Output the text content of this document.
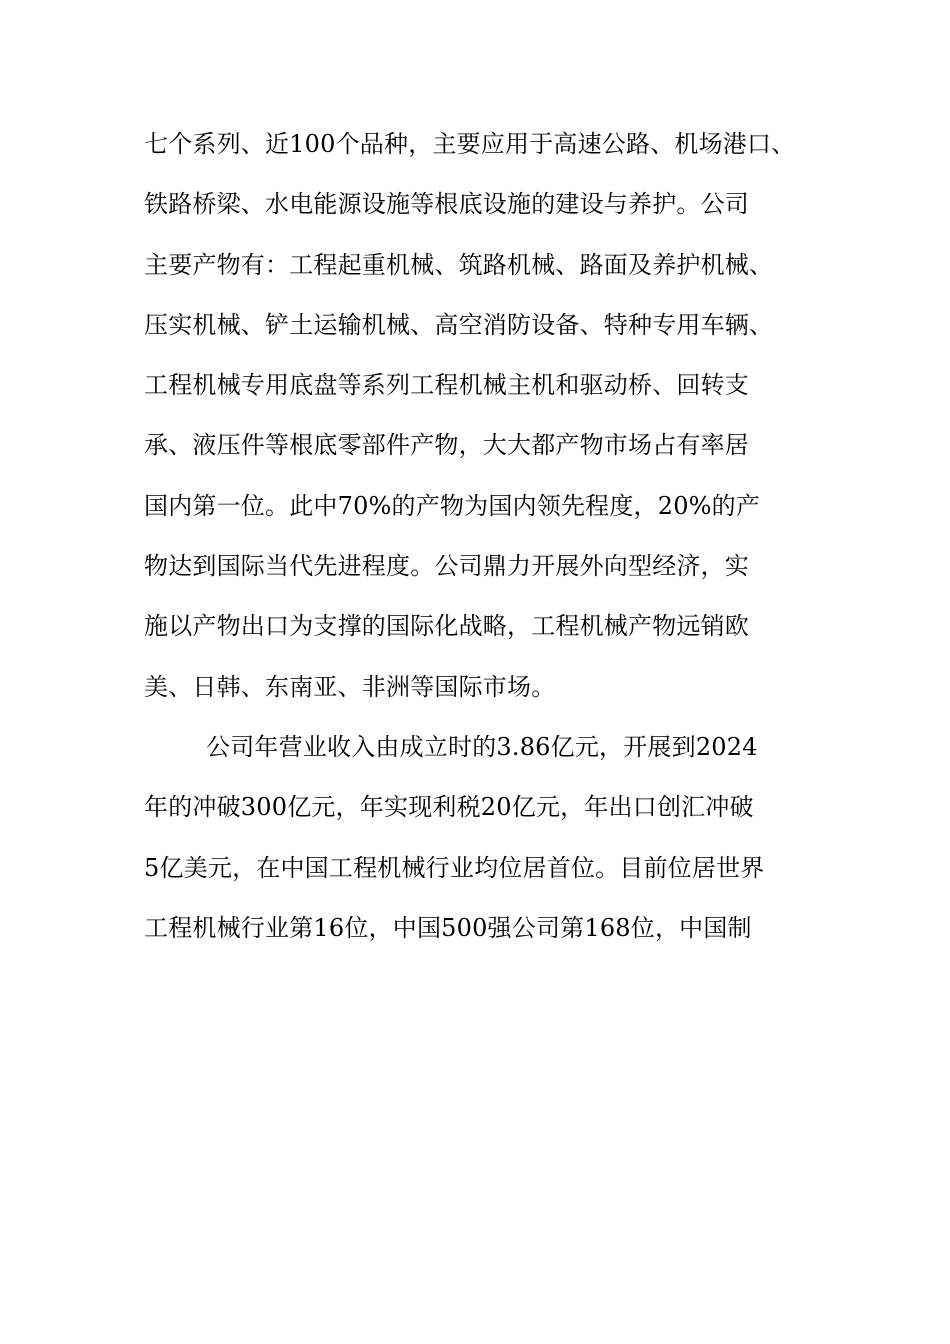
七个系列、近100个品种，主要应用于高速公路、机场港口、
铁路桥梁、水电能源设施等根底设施的建设与养护。公司
主要产物有：工程起重机械、筑路机械、路面及养护机械、
压实机械、铲土运输机械、高空消防设备、特种专用车辆、
工程机械专用底盘等系列工程机械主机和驱动桥、回转支
承、液压件等根底零部件产物，大大都产物市场占有率居
国内第一位。此中70%的产物为国内领先程度，20%的产
物达到国际当代先进程度。公司鼎力开展外向型经济，实
施以产物出口为支撑的国际化战略，工程机械产物远销欧
美、日韩、东南亚、非洲等国际市场。
公司年营业收入由成立时的3.86亿元，开展到2024
年的冲破300亿元，年实现利税20亿元，年出口创汇冲破
5亿美元，在中国工程机械行业均位居首位。目前位居世界
工程机械行业第16位，中国500强公司第168位，中国制
